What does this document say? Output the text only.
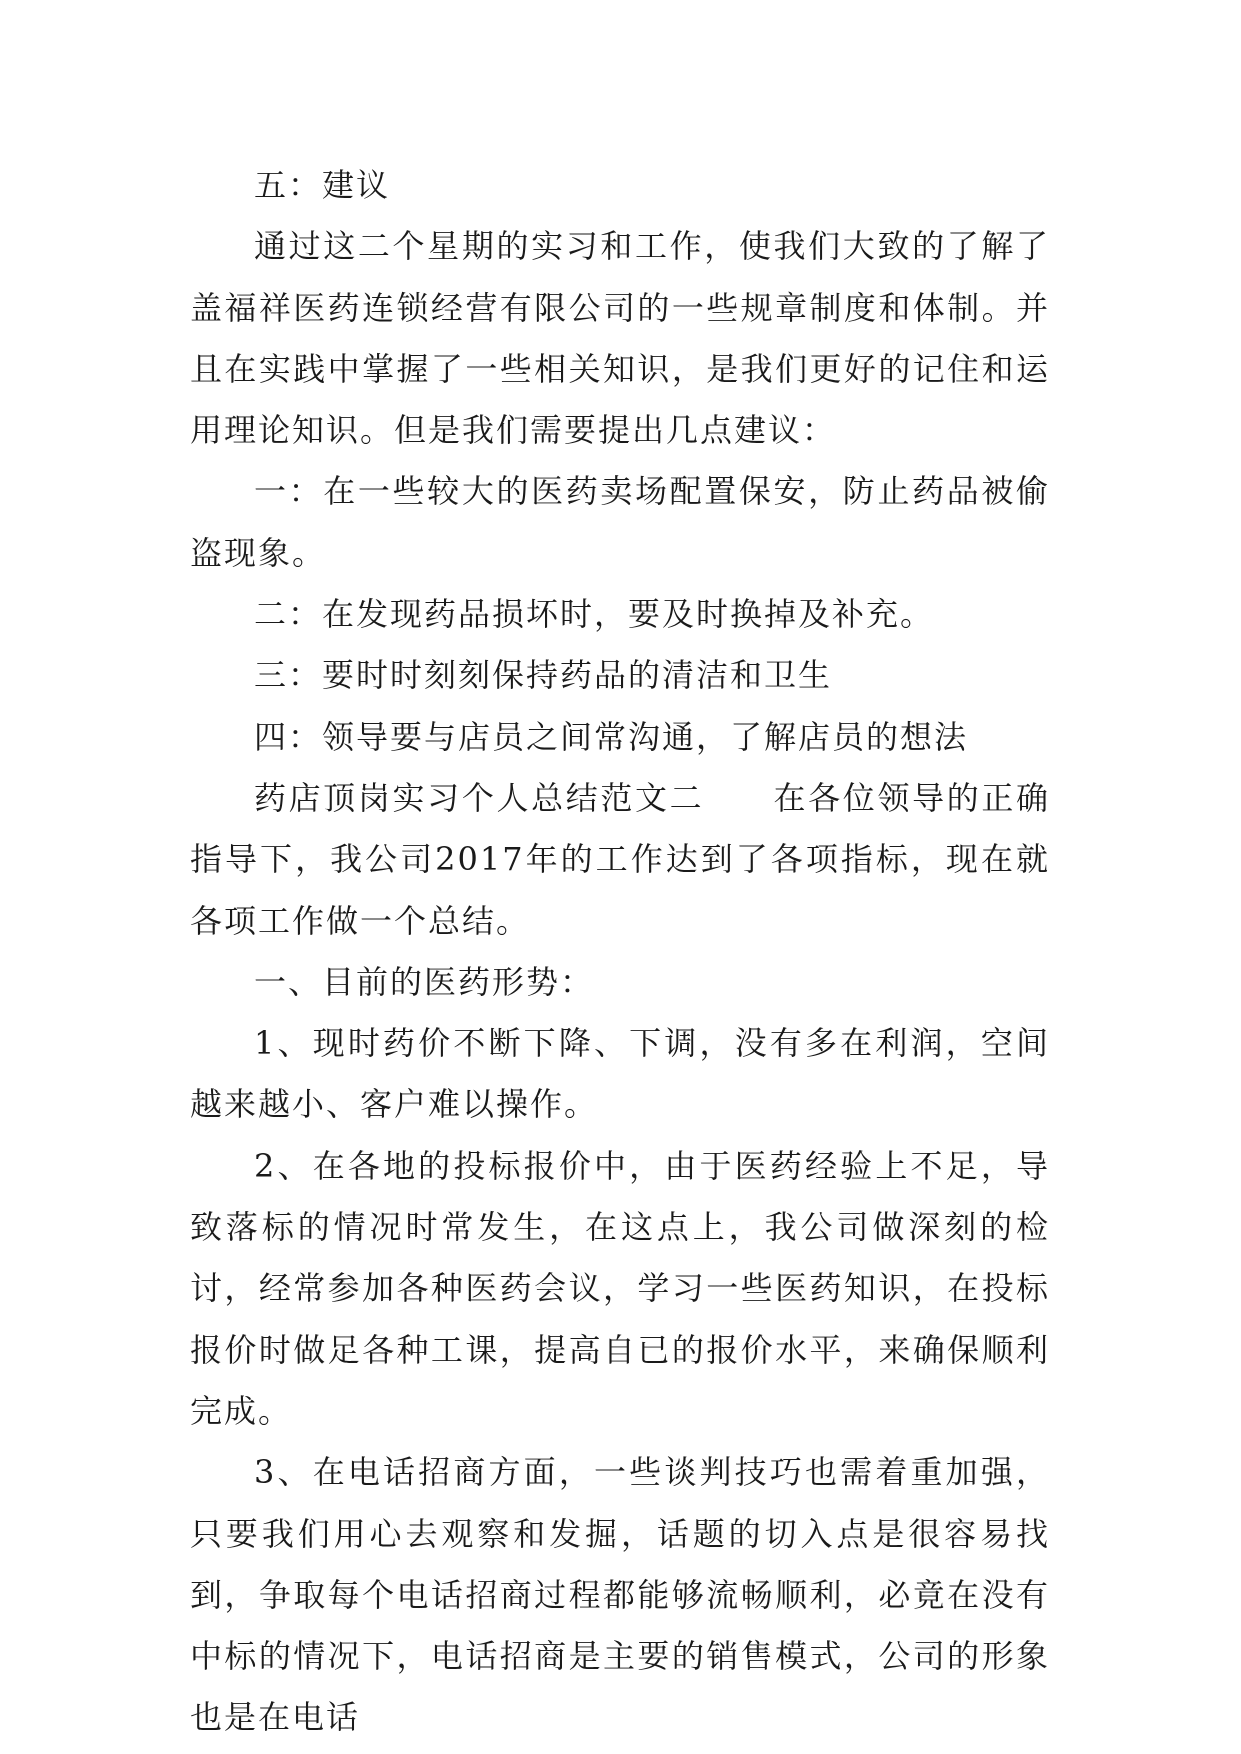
五：建议

通过这二个星期的实习和工作，使我们大致的了解了盖福祥医药连锁经营有限公司的一些规章制度和体制。并且在实践中掌握了一些相关知识，是我们更好的记住和运用理论知识。但是我们需要提出几点建议：

一：在一些较大的医药卖场配置保安，防止药品被偷盗现象。

二：在发现药品损坏时，要及时换掉及补充。

三：要时时刻刻保持药品的清洁和卫生

四：领导要与店员之间常沟通，了解店员的想法

药店顶岗实习个人总结范文二　　在各位领导的正确指导下，我公司2017年的工作达到了各项指标，现在就各项工作做一个总结。

一、目前的医药形势：

1、现时药价不断下降、下调，没有多在利润，空间越来越小、客户难以操作。

2、在各地的投标报价中，由于医药经验上不足，导致落标的情况时常发生，在这点上，我公司做深刻的检讨，经常参加各种医药会议，学习一些医药知识，在投标报价时做足各种工课，提高自已的报价水平，来确保顺利完成。

3、在电话招商方面，一些谈判技巧也需着重加强，只要我们用心去观察和发掘，话题的切入点是很容易找到，争取每个电话招商过程都能够流畅顺利，必竟在没有中标的情况下，电话招商是主要的销售模式，公司的形象也是在电话
